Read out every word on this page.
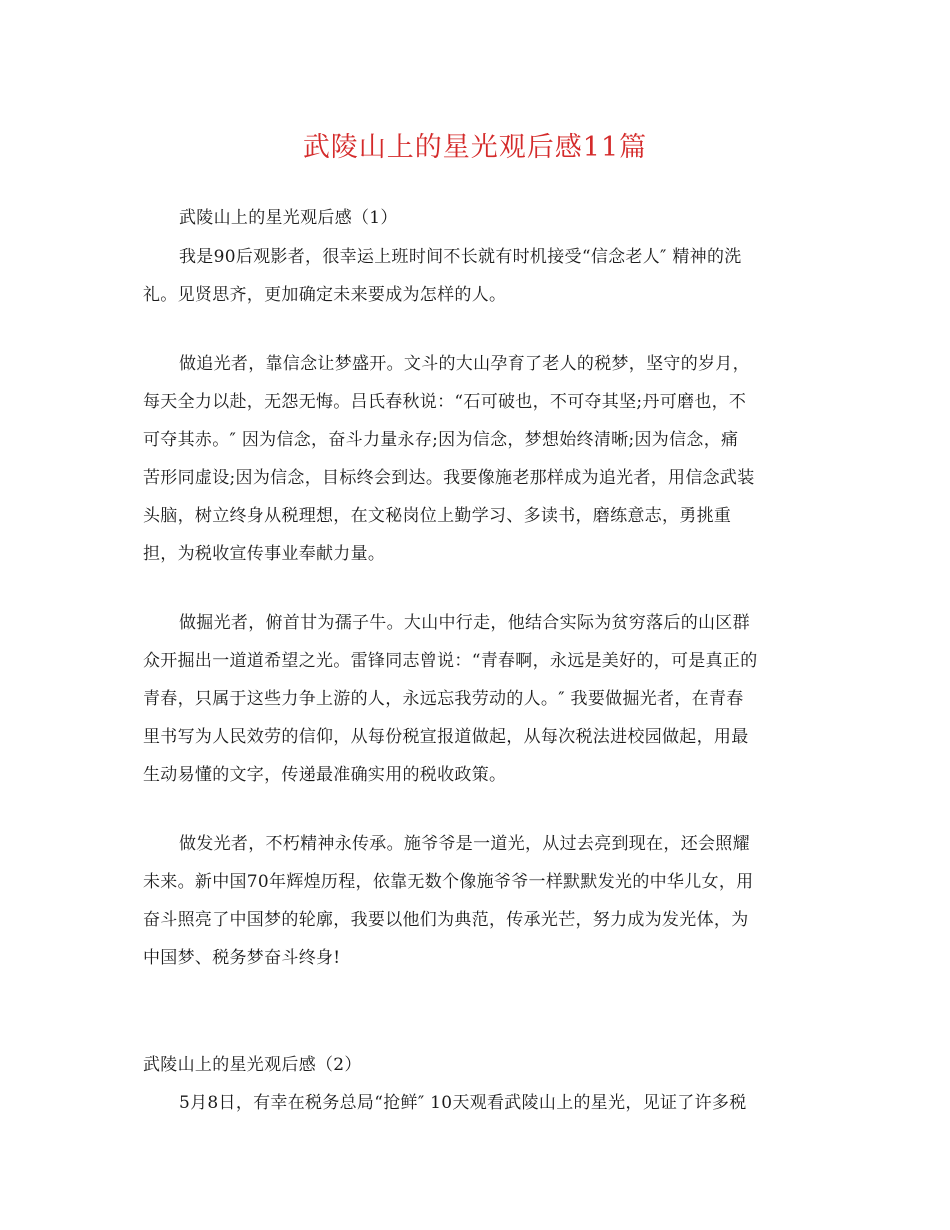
武陵山上的星光观后感11篇
武陵山上的星光观后感（1）
我是90后观影者，很幸运上班时间不长就有时机接受“信念老人″ 精神的洗
礼。见贤思齐，更加确定未来要成为怎样的人。
做追光者，靠信念让梦盛开。文斗的大山孕育了老人的税梦，坚守的岁月，
每天全力以赴，无怨无悔。吕氏春秋说：“石可破也，不可夺其坚;丹可磨也，不
可夺其赤。″ 因为信念，奋斗力量永存;因为信念，梦想始终清晰;因为信念，痛
苦形同虚设;因为信念，目标终会到达。我要像施老那样成为追光者，用信念武装
头脑，树立终身从税理想，在文秘岗位上勤学习、多读书，磨练意志，勇挑重
担，为税收宣传事业奉献力量。
做掘光者，俯首甘为孺子牛。大山中行走，他结合实际为贫穷落后的山区群
众开掘出一道道希望之光。雷锋同志曾说：“青春啊，永远是美好的，可是真正的
青春，只属于这些力争上游的人，永远忘我劳动的人。″ 我要做掘光者，在青春
里书写为人民效劳的信仰，从每份税宣报道做起，从每次税法进校园做起，用最
生动易懂的文字，传递最准确实用的税收政策。
做发光者，不朽精神永传承。施爷爷是一道光，从过去亮到现在，还会照耀
未来。新中国70年辉煌历程，依靠无数个像施爷爷一样默默发光的中华儿女，用
奋斗照亮了中国梦的轮廓，我要以他们为典范，传承光芒，努力成为发光体，为
中国梦、税务梦奋斗终身!
武陵山上的星光观后感（2）
5月8日，有幸在税务总局“抢鲜″ 10天观看武陵山上的星光，见证了许多税
